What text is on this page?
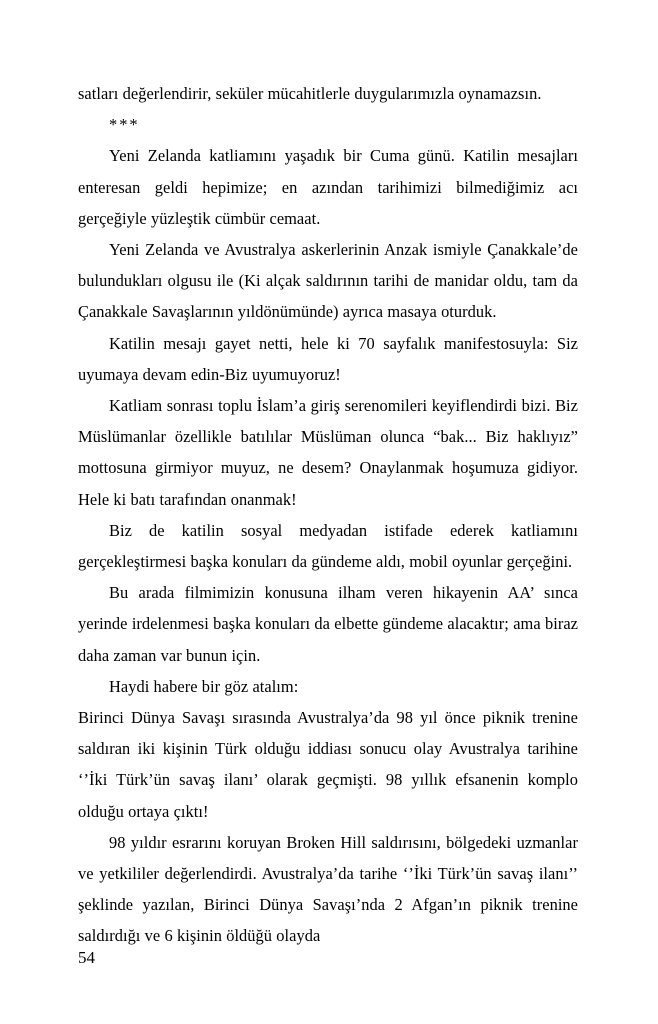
satları değerlendirir, seküler mücahitlerle duygularımızla oynamazsın.

***

Yeni Zelanda katliamını yaşadık bir Cuma günü. Katilin mesajları enteresan geldi hepimize; en azından tarihimizi bilmediğimiz acı gerçeğiyle yüzleştik cümbür cemaat.

Yeni Zelanda ve Avustralya askerlerinin Anzak ismiyle Çanakkale’de bulundukları olgusu ile (Ki alçak saldırının tarihi de manidar oldu, tam da Çanakkale Savaşlarının yıldönümünde) ayrıca masaya oturduk.

Katilin mesajı gayet netti, hele ki 70 sayfalık manifestosuyla: Siz uyumaya devam edin-Biz uyumuyoruz!

Katliam sonrası toplu İslam’a giriş serenomileri keyiflendirdi bizi. Biz Müslümanlar özellikle batılılar Müslüman olunca “bak... Biz haklıyız” mottosuna girmiyor muyuz, ne desem? Onaylanmak hoşumuza gidiyor. Hele ki batı tarafından onanmak!

Biz de katilin sosyal medyadan istifade ederek katliamını gerçekleştirmesi başka konuları da gündeme aldı, mobil oyunlar gerçeğini.

Bu arada filmimizin konusuna ilham veren hikayenin AA’ sınca yerinde irdelenmesi başka konuları da elbette gündeme alacaktır; ama biraz daha zaman var bunun için.

Haydi habere bir göz atalım:

Birinci Dünya Savaşı sırasında Avustralya’da 98 yıl önce piknik trenine saldıran iki kişinin Türk olduğu iddiası sonucu olay Avustralya tarihine ‘’İki Türk’ün savaş ilanı’ olarak geçmişti. 98 yıllık efsanenin komplo olduğu ortaya çıktı!

98 yıldır esrarını koruyan Broken Hill saldırısını, bölgedeki uzmanlar ve yetkililer değerlendirdi. Avustralya’da tarihe ‘’İki Türk’ün savaş ilanı’’ şeklinde yazılan, Birinci Dünya Savaşı’nda 2 Afgan’ın piknik trenine saldırdığı ve 6 kişinin öldüğü olayda

54
